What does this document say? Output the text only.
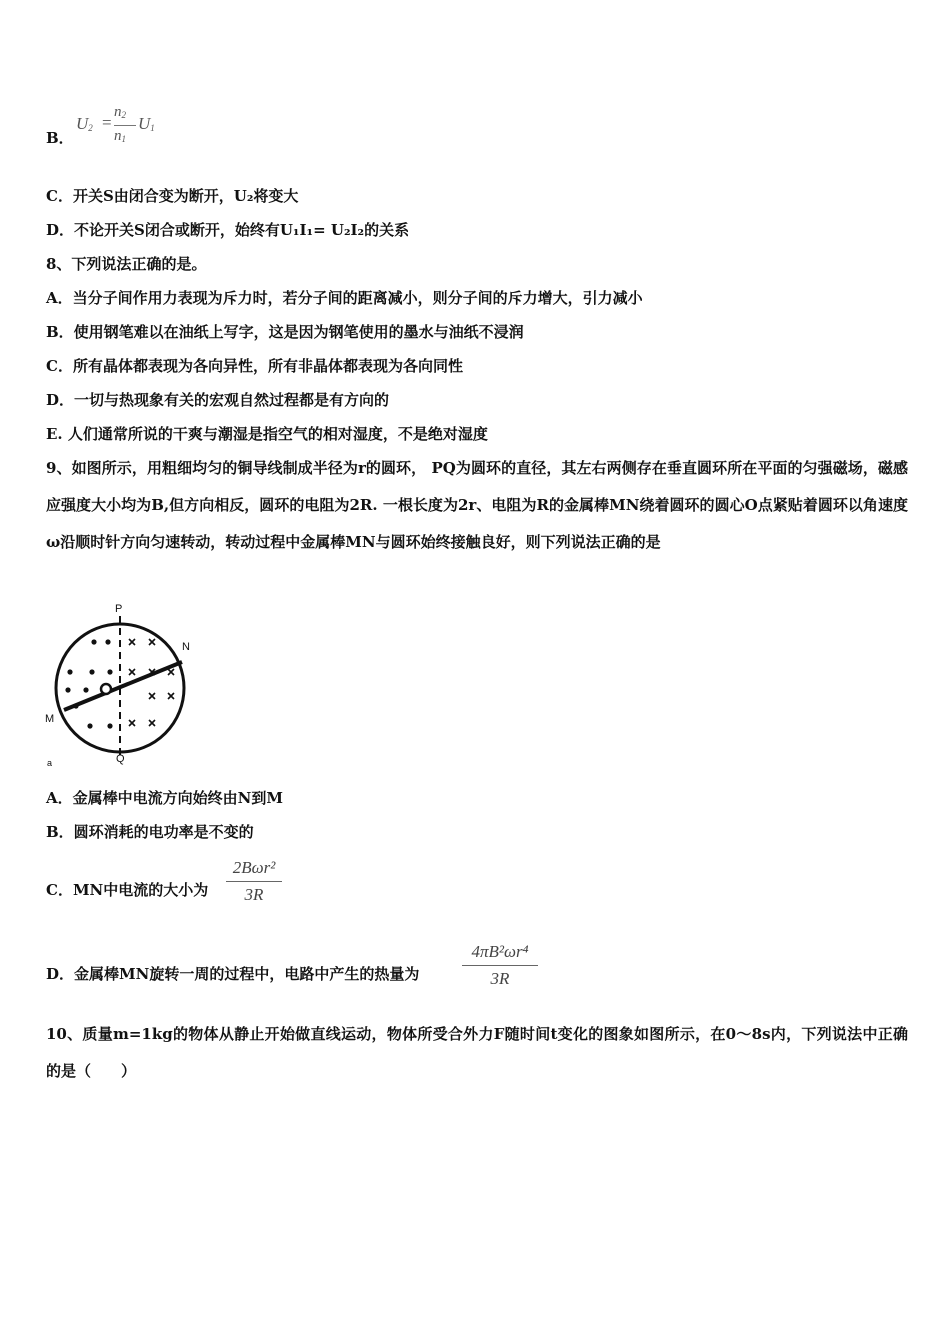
B．
$U_2$ =
$n_2$
$n_1$
$U_1$
C．开关S由闭合变为断开，U₂将变大
D．不论开关S闭合或断开，始终有U₁I₁= U₂I₂的关系
8、下列说法正确的是。
A．当分子间作用力表现为斥力时，若分子间的距离减小，则分子间的斥力增大，引力减小
B．使用钢笔难以在油纸上写字，这是因为钢笔使用的墨水与油纸不浸润
C．所有晶体都表现为各向异性，所有非晶体都表现为各向同性
D．一切与热现象有关的宏观自然过程都是有方向的
E. 人们通常所说的干爽与潮湿是指空气的相对湿度，不是绝对湿度
9、如图所示，用粗细均匀的铜导线制成半径为r的圆环， PQ为圆环的直径，其左右两侧存在垂直圆环所在平面的匀强磁场，磁感应强度大小均为B,但方向相反，圆环的电阻为2R. 一根长度为2r、电阻为R的金属棒MN绕着圆环的圆心O点紧贴着圆环以角速度ω沿顺时针方向匀速转动，转动过程中金属棒MN与圆环始终接触良好，则下列说法正确的是
P
Q
M
N
a
A．金属棒中电流方向始终由N到M
B．圆环消耗的电功率是不变的
C．MN中电流的大小为
2Bωr²
3R
D．金属棒MN旋转一周的过程中，电路中产生的热量为
4πB²ωr⁴
3R
10、质量m=1kg的物体从静止开始做直线运动，物体所受合外力F随时间t变化的图象如图所示，在0～8s内，下列说法中正确的是（　　）
